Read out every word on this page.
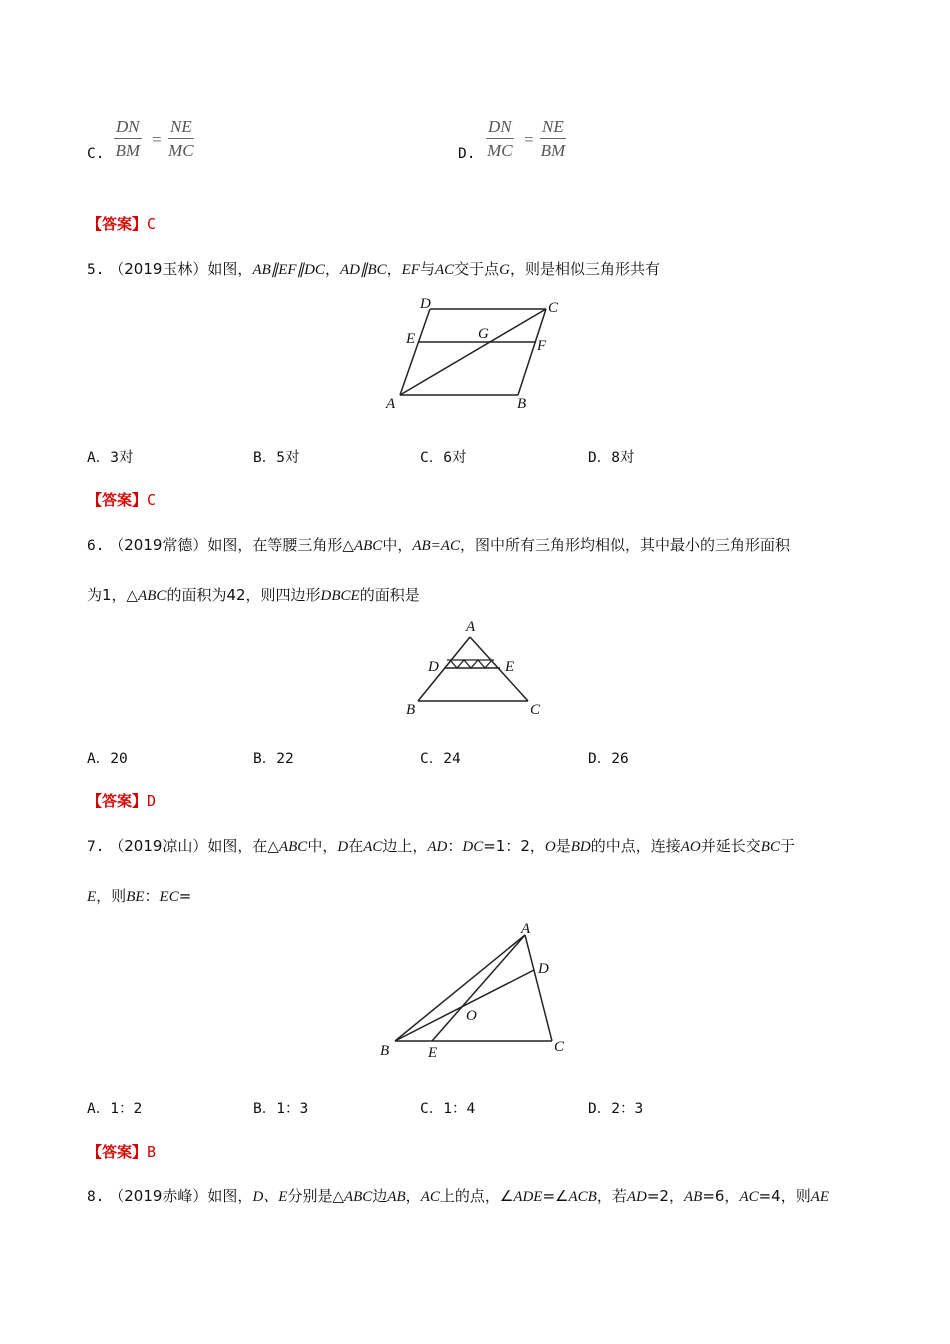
C. $\frac{DN}{BM} = \frac{NE}{MC}$	D. $\frac{DN}{MC} = \frac{NE}{BM}$
【答案】C
5. （2019玉林）如图，AB∥EF∥DC，AD∥BC，EF与AC交于点G，则是相似三角形共有
D	C
E	G
F
A	B
A．3对	B．5对	C．6对	D．8对
【答案】C
6. （2019常德）如图，在等腰三角形△ABC中，AB=AC，图中所有三角形均相似，其中最小的三角形面积
为1，△ABC的面积为42，则四边形DBCE的面积是
A
D	E
B	C
A．20	B．22	C．24	D．26
【答案】D
7. （2019凉山）如图，在△ABC中，D在AC边上，AD：DC=1：2，O是BD的中点，连接AO并延长交BC于
E，则BE：EC=
A
D
O
B	E	C
A．1：2	B．1：3	C．1：4	D．2：3
【答案】B
8. （2019赤峰）如图，D、E分别是△ABC边AB，AC上的点，∠ADE=∠ACB，若AD=2，AB=6，AC=4，则AE
